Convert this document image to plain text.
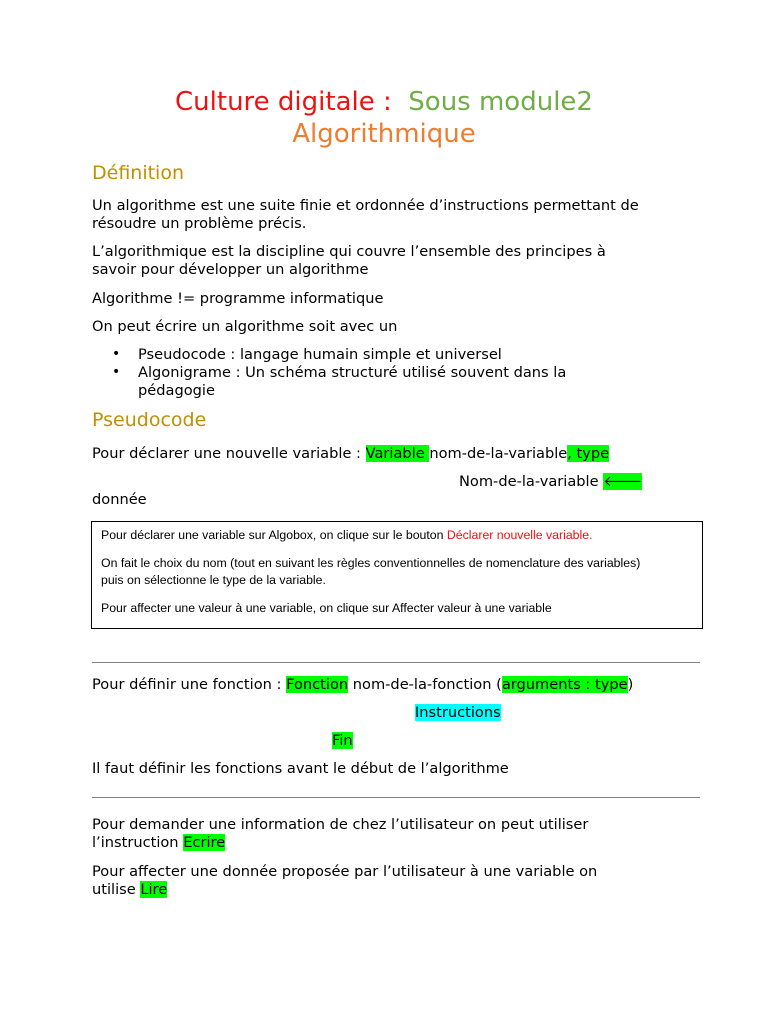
Culture digitale : Sous module2
Algorithmique
Définition
Un algorithme est une suite finie et ordonnée d’instructions permettant de
résoudre un problème précis.
L’algorithmique est la discipline qui couvre l’ensemble des principes à
savoir pour développer un algorithme
Algorithme != programme informatique
On peut écrire un algorithme soit avec un
• Pseudocode : langage humain simple et universel
• Algonigrame : Un schéma structuré utilisé souvent dans la
pédagogie
Pseudocode
Pour déclarer une nouvelle variable : Variable nom-de-la-variable, type
Nom-de-la-variable 🡐
donnée
Pour déclarer une variable sur Algobox, on clique sur le bouton Déclarer nouvelle variable.
On fait le choix du nom (tout en suivant les règles conventionnelles de nomenclature des variables)
puis on sélectionne le type de la variable.
Pour affecter une valeur à une variable, on clique sur Affecter valeur à une variable
Pour définir une fonction : Fonction nom-de-la-fonction (arguments : type)
Instructions
Fin
Il faut définir les fonctions avant le début de l’algorithme
Pour demander une information de chez l’utilisateur on peut utiliser
l’instruction Ecrire
Pour affecter une donnée proposée par l’utilisateur à une variable on
utilise Lire
